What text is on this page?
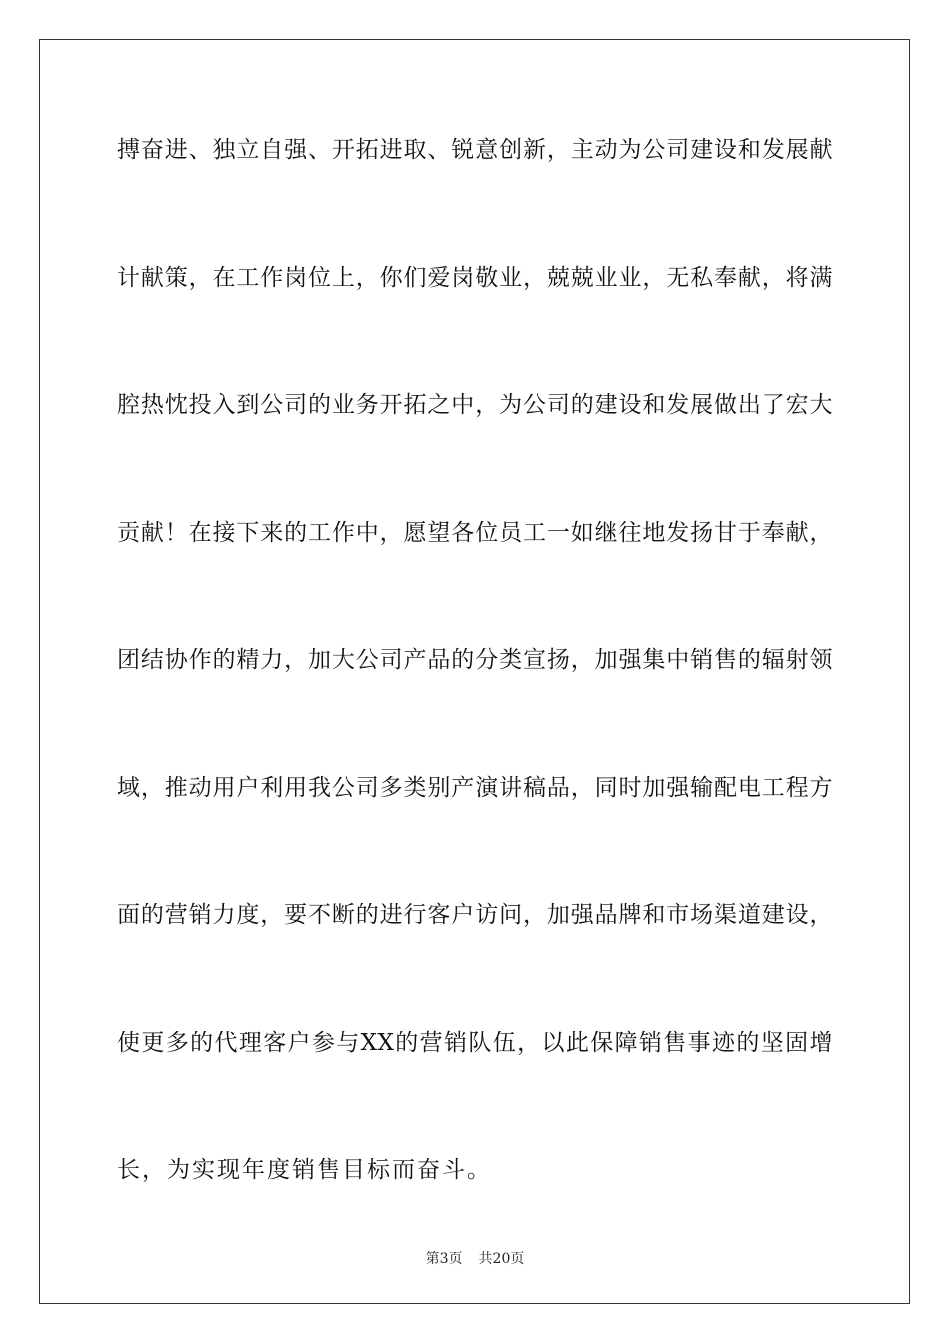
搏奋进、独立自强、开拓进取、锐意创新，主动为公司建设和发展献
计献策，在工作岗位上，你们爱岗敬业，兢兢业业，无私奉献，将满
腔热忱投入到公司的业务开拓之中，为公司的建设和发展做出了宏大
贡献！在接下来的工作中，愿望各位员工一如继往地发扬甘于奉献，
团结协作的精力，加大公司产品的分类宣扬，加强集中销售的辐射领
域，推动用户利用我公司多类别产演讲稿品，同时加强输配电工程方
面的营销力度，要不断的进行客户访问，加强品牌和市场渠道建设，
使更多的代理客户参与XX的营销队伍，以此保障销售事迹的坚固增
长，为实现年度销售目标而奋斗。
第3页 共20页
